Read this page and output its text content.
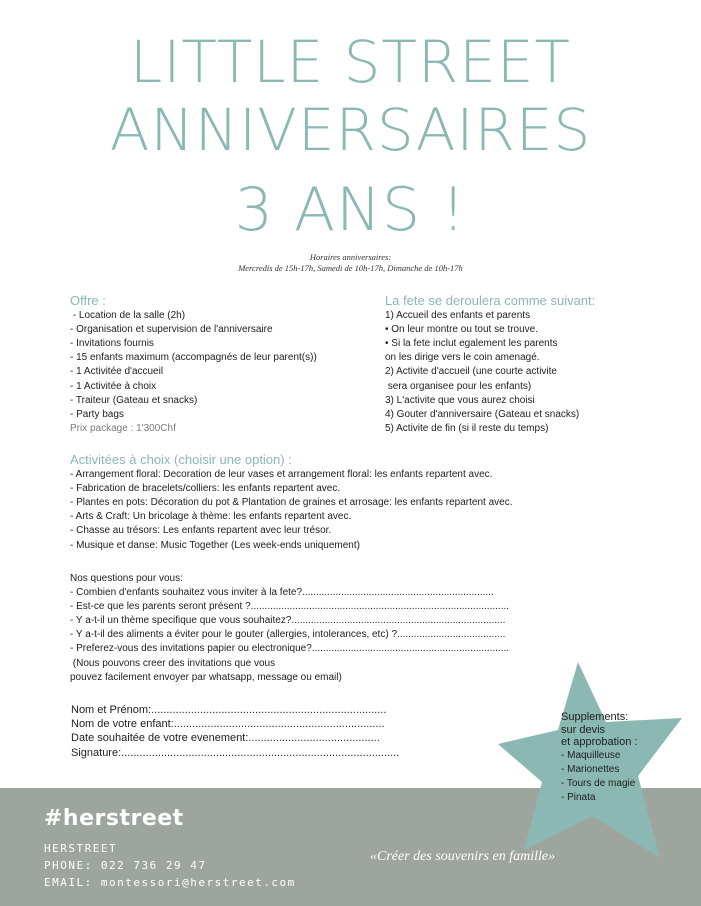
LITTLE STREET
ANNIVERSAIRES
3 ANS !
Horaires anniversaires:
Mercredis de 15h-17h, Samedi de 10h-17h, Dimanche de 10h-17h
Offre :
- Location de la salle (2h)
- Organisation et supervision de l'anniversaire
- Invitations fournis
- 15 enfants maximum (accompagnés de leur parent(s))
- 1 Activitée d'accueil
- 1 Activitée à choix
- Traiteur (Gateau et snacks)
- Party bags
Prix package : 1'300Chf
La fete se deroulera comme suivant:
1) Accueil des enfants et parents
• On leur montre ou tout se trouve.
• Si la fete inclut egalement les parents
on les dirige vers le coin amenagé.
2) Activite d'accueil (une courte activite
sera organisee pour les enfants)
3) L'activite que vous aurez choisi
4) Gouter d'anniversaire (Gateau et snacks)
5) Activite de fin (si il reste du temps)
Activitées à choix (choisir une option) :
- Arrangement floral: Decoration de leur vases et arrangement floral: les enfants repartent avec.
- Fabrication de bracelets/colliers: les enfants repartent avec.
- Plantes en pots: Décoration du pot & Plantation de graines et arrosage: les enfants repartent avec.
- Arts & Craft: Un bricolage à thème: les enfants repartent avec.
- Chasse au trésors: Les enfants repartent avec leur trésor.
- Musique et danse: Music Together (Les week-ends uniquement)
Nos questions pour vous:
- Combien d'enfants souhaitez vous inviter à la fete?.....................................................................
- Est-ce que les parents seront présent ?.............................................................................................
- Y a-t-il un thème specifique que vous souhaitez?.............................................................................
- Y a-t-il des aliments a éviter pour le gouter (allergies, intolerances, etc) ?.......................................
- Preferez-vous des invitations papier ou electronique?.......................................................................
(Nous pouvons creer des invitations que vous
pouvez facilement envoyer par whatsapp, message ou email)
Nom et Prénom:.............................................................................
Nom de votre enfant:.....................................................................
Date souhaitée de votre evenement:...........................................
Signature:...........................................................................................
#herstreet
HERSTREET
PHONE: 022 736 29 47
EMAIL: montessori@herstreet.com
«Créer des souvenirs en famille»
Supplements:
sur devis
et approbation :
- Maquilleuse
- Marionettes
- Tours de magie
- Pinata
